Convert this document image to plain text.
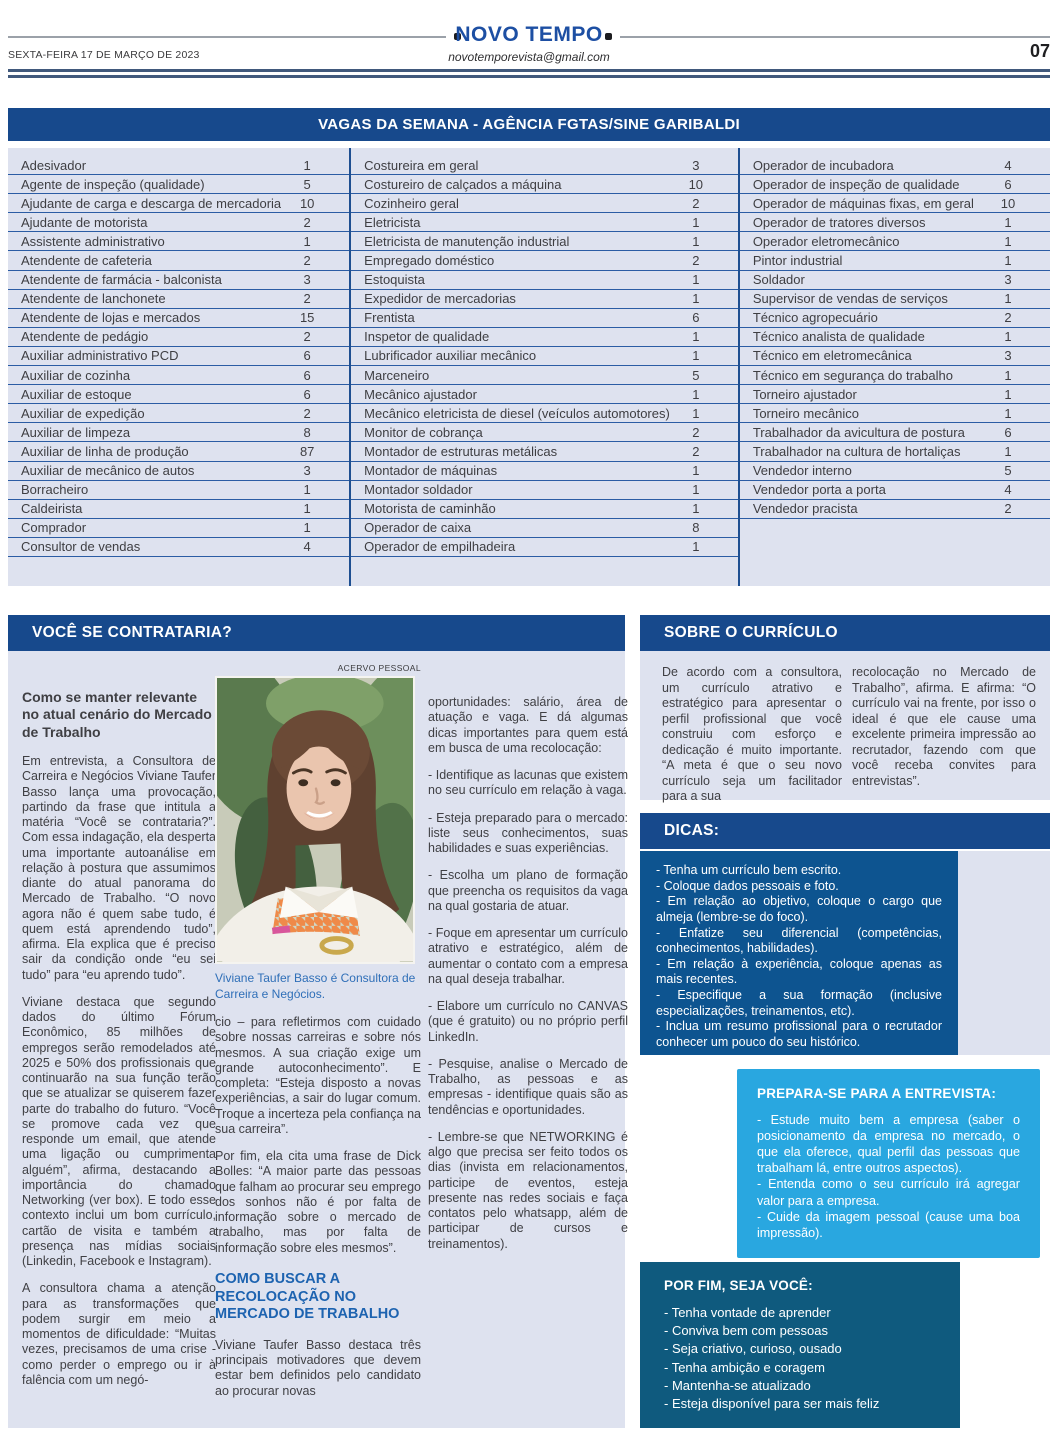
NOVO TEMPO
SEXTA-FEIRA 17 DE MARÇO DE 2023	novotemporevista@gmail.com	07
VAGAS DA SEMANA - AGÊNCIA FGTAS/SINE GARIBALDI
Adesivador	1
Agente de inspeção (qualidade)	5
Ajudante de carga e descarga de mercadoria	10
Ajudante de motorista	2
Assistente administrativo	1
Atendente de cafeteria	2
Atendente de farmácia - balconista	3
Atendente de lanchonete	2
Atendente de lojas e mercados	15
Atendente de pedágio	2
Auxiliar administrativo PCD	6
Auxiliar de cozinha	6
Auxiliar de estoque	6
Auxiliar de expedição	2
Auxiliar de limpeza	8
Auxiliar de linha de produção	87
Auxiliar de mecânico de autos	3
Borracheiro	1
Caldeirista	1
Comprador	1
Consultor de vendas	4
Costureira em geral	3
Costureiro de calçados a máquina	10
Cozinheiro geral	2
Eletricista	1
Eletricista de manutenção industrial	1
Empregado doméstico	2
Estoquista	1
Expedidor de mercadorias	1
Frentista	6
Inspetor de qualidade	1
Lubrificador auxiliar mecânico	1
Marceneiro	5
Mecânico ajustador	1
Mecânico eletricista de diesel (veículos automotores)	1
Monitor de cobrança	2
Montador de estruturas metálicas	2
Montador de máquinas	1
Montador soldador	1
Motorista de caminhão	1
Operador de caixa	8
Operador de empilhadeira	1
Operador de incubadora	4
Operador de inspeção de qualidade	6
Operador de máquinas fixas, em geral	10
Operador de tratores diversos	1
Operador eletromecânico	1
Pintor industrial	1
Soldador	3
Supervisor de vendas de serviços	1
Técnico agropecuário	2
Técnico analista de qualidade	1
Técnico em eletromecânica	3
Técnico em segurança do trabalho	1
Torneiro ajustador	1
Torneiro mecânico	1
Trabalhador da avicultura de postura	6
Trabalhador na cultura de hortaliças	1
Vendedor interno	5
Vendedor porta a porta	4
Vendedor pracista	2
VOCÊ SE CONTRATARIA?
Como se manter relevante no atual cenário do Mercado de Trabalho

Em entrevista, a Consultora de Carreira e Negócios Viviane Taufer Basso lança uma provocação, partindo da frase que intitula a matéria “Você se contrataria?”. Com essa indagação, ela desperta uma importante autoanálise em relação à postura que assumimos diante do atual panorama do Mercado de Trabalho. “O novo agora não é quem sabe tudo, é quem está aprendendo tudo”, afirma. Ela explica que é preciso sair da condição onde “eu sei tudo” para “eu aprendo tudo”.

Viviane destaca que segundo dados do último Fórum Econômico, 85 milhões de empregos serão remodelados até 2025 e 50% dos profissionais que continuarão na sua função terão que se atualizar se quiserem fazer parte do trabalho do futuro. “Você se promove cada vez que responde um email, que atende uma ligação ou cumprimenta alguém”, afirma, destacando a importância do chamado Networking (ver box). E todo esse contexto inclui um bom currículo, cartão de visita e também a presença nas mídias sociais (Linkedin, Facebook e Instagram).

A consultora chama a atenção para as transformações que podem surgir em meio a momentos de dificuldade: “Muitas vezes, precisamos de uma crise - como perder o emprego ou ir à falência com um negó-

ACERVO PESSOAL
Viviane Taufer Basso é Consultora de Carreira e Negócios.

cio – para refletirmos com cuidado sobre nossas carreiras e sobre nós mesmos. A sua criação exige um grande autoconhecimento”. E completa: “Esteja disposto a novas experiências, a sair do lugar comum. Troque a incerteza pela confiança na sua carreira”.

Por fim, ela cita uma frase de Dick Bolles: “A maior parte das pessoas que falham ao procurar seu emprego dos sonhos não é por falta de informação sobre o mercado de trabalho, mas por falta de informação sobre eles mesmos”.

COMO BUSCAR A RECOLOCAÇÃO NO MERCADO DE TRABALHO

Viviane Taufer Basso destaca três principais motivadores que devem estar bem definidos pelo candidato ao procurar novas

oportunidades: salário, área de atuação e vaga. E dá algumas dicas importantes para quem está em busca de uma recolocação:

- Identifique as lacunas que existem no seu currículo em relação à vaga.

- Esteja preparado para o mercado: liste seus conhecimentos, suas habilidades e suas experiências.

- Escolha um plano de formação que preencha os requisitos da vaga na qual gostaria de atuar.

- Foque em apresentar um currículo atrativo e estratégico, além de aumentar o contato com a empresa na qual deseja trabalhar.

- Elabore um currículo no CANVAS (que é gratuito) ou no próprio perfil LinkedIn.

- Pesquise, analise o Mercado de Trabalho, as pessoas e as empresas - identifique quais são as tendências e oportunidades.

- Lembre-se que NETWORKING é algo que precisa ser feito todos os dias (invista em relacionamentos, participe de eventos, esteja presente nas redes sociais e faça contatos pelo whatsapp, além de participar de cursos e treinamentos).

SOBRE O CURRÍCULO
De acordo com a consultora, um currículo atrativo e estratégico para apresentar o perfil profissional que você construiu com esforço e dedicação é muito importante. “A meta é que o seu novo currículo seja um facilitador para a sua
recolocação no Mercado de Trabalho”, afirma. E afirma: “O currículo vai na frente, por isso o ideal é que ele cause uma excelente primeira impressão ao recrutador, fazendo com que você receba convites para entrevistas”.
DICAS:
- Tenha um currículo bem escrito.
- Coloque dados pessoais e foto.
- Em relação ao objetivo, coloque o cargo que almeja (lembre-se do foco).
- Enfatize seu diferencial (competências, conhecimentos, habilidades).
- Em relação à experiência, coloque apenas as mais recentes.
- Especifique a sua formação (inclusive especializações, treinamentos, etc).
- Inclua um resumo profissional para o recrutador conhecer um pouco do seu histórico.
PREPARA-SE PARA A ENTREVISTA:
- Estude muito bem a empresa (saber o posicionamento da empresa no mercado, o que ela oferece, qual perfil das pessoas que trabalham lá, entre outros aspectos).
- Entenda como o seu currículo irá agregar valor para a empresa.
- Cuide da imagem pessoal (cause uma boa impressão).
POR FIM, SEJA VOCÊ:
- Tenha vontade de aprender
- Conviva bem com pessoas
- Seja criativo, curioso, ousado
- Tenha ambição e coragem
- Mantenha-se atualizado
- Esteja disponível para ser mais feliz
